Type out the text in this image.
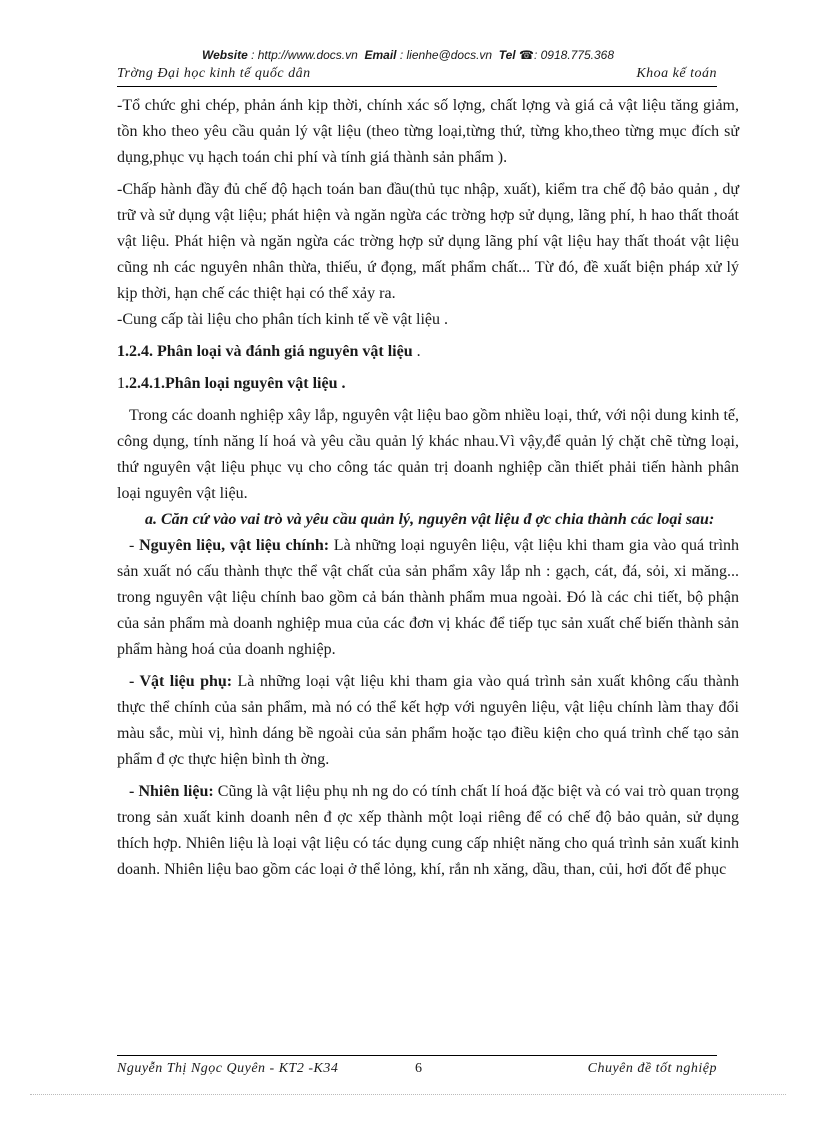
Website : http://www.docs.vn Email : lienhe@docs.vn Tel ☎: 0918.775.368
Trờng Đại học kinh tế quốc dân	Khoa kế toán

-Tổ chức ghi chép, phản ánh kịp thời, chính xác số lợng, chất lợng và giá cả vật liệu tăng giảm, tồn kho theo yêu cầu quản lý vật liệu (theo từng loại,từng thứ, từng kho,theo từng mục đích sử dụng,phục vụ hạch toán chi phí và tính giá thành sản phẩm ).

-Chấp hành đầy đủ chế độ hạch toán ban đầu(thủ tục nhập, xuất), kiểm tra chế độ bảo quản , dự trữ và sử dụng vật liệu; phát hiện và ngăn ngừa các trờng hợp sử dụng, lãng phí, h hao thất thoát vật liệu. Phát hiện và ngăn ngừa các trờng hợp sử dụng lãng phí vật liệu hay thất thoát vật liệu cũng nh các nguyên nhân thừa, thiếu, ứ đọng, mất phẩm chất... Từ đó, đề xuất biện pháp xử lý kịp thời, hạn chế các thiệt hại có thể xảy ra.

-Cung cấp tài liệu cho phân tích kinh tế về vật liệu .

1.2.4. Phân loại và đánh giá nguyên vật liệu .

1.2.4.1.Phân loại nguyên vật liệu .

Trong các doanh nghiệp xây lắp, nguyên vật liệu bao gồm nhiều loại, thứ, với nội dung kinh tế, công dụng, tính năng lí hoá và yêu cầu quản lý khác nhau.Vì vậy,để quản lý chặt chẽ từng loại, thứ nguyên vật liệu phục vụ cho công tác quản trị doanh nghiệp cần thiết phải tiến hành phân loại nguyên vật liệu.

a. Căn cứ vào vai trò và yêu cầu quản lý, nguyên vật liệu đ ợc chia thành các loại sau:

- Nguyên liệu, vật liệu chính: Là những loại nguyên liệu, vật liệu khi tham gia vào quá trình sản xuất nó cấu thành thực thể vật chất của sản phẩm xây lắp nh : gạch, cát, đá, sỏi, xi măng... trong nguyên vật liệu chính bao gồm cả bán thành phẩm mua ngoài. Đó là các chi tiết, bộ phận của sản phẩm mà doanh nghiệp mua của các đơn vị khác để tiếp tục sản xuất chế biến thành sản phẩm hàng hoá của doanh nghiệp.

- Vật liệu phụ: Là những loại vật liệu khi tham gia vào quá trình sản xuất không cấu thành thực thể chính của sản phẩm, mà nó có thể kết hợp với nguyên liệu, vật liệu chính làm thay đổi màu sắc, mùi vị, hình dáng bề ngoài của sản phẩm hoặc tạo điều kiện cho quá trình chế tạo sản phẩm đ ợc thực hiện bình th ờng.

- Nhiên liệu: Cũng là vật liệu phụ nh ng do có tính chất lí hoá đặc biệt và có vai trò quan trọng trong sản xuất kinh doanh nên đ ợc xếp thành một loại riêng để có chế độ bảo quản, sử dụng thích hợp. Nhiên liệu là loại vật liệu có tác dụng cung cấp nhiệt năng cho quá trình sản xuất kinh doanh. Nhiên liệu bao gồm các loại ở thể lỏng, khí, rắn nh xăng, dầu, than, củi, hơi đốt để phục

Nguyễn Thị Ngọc Quyên - KT2 -K34	6	Chuyên đề tốt nghiệp
